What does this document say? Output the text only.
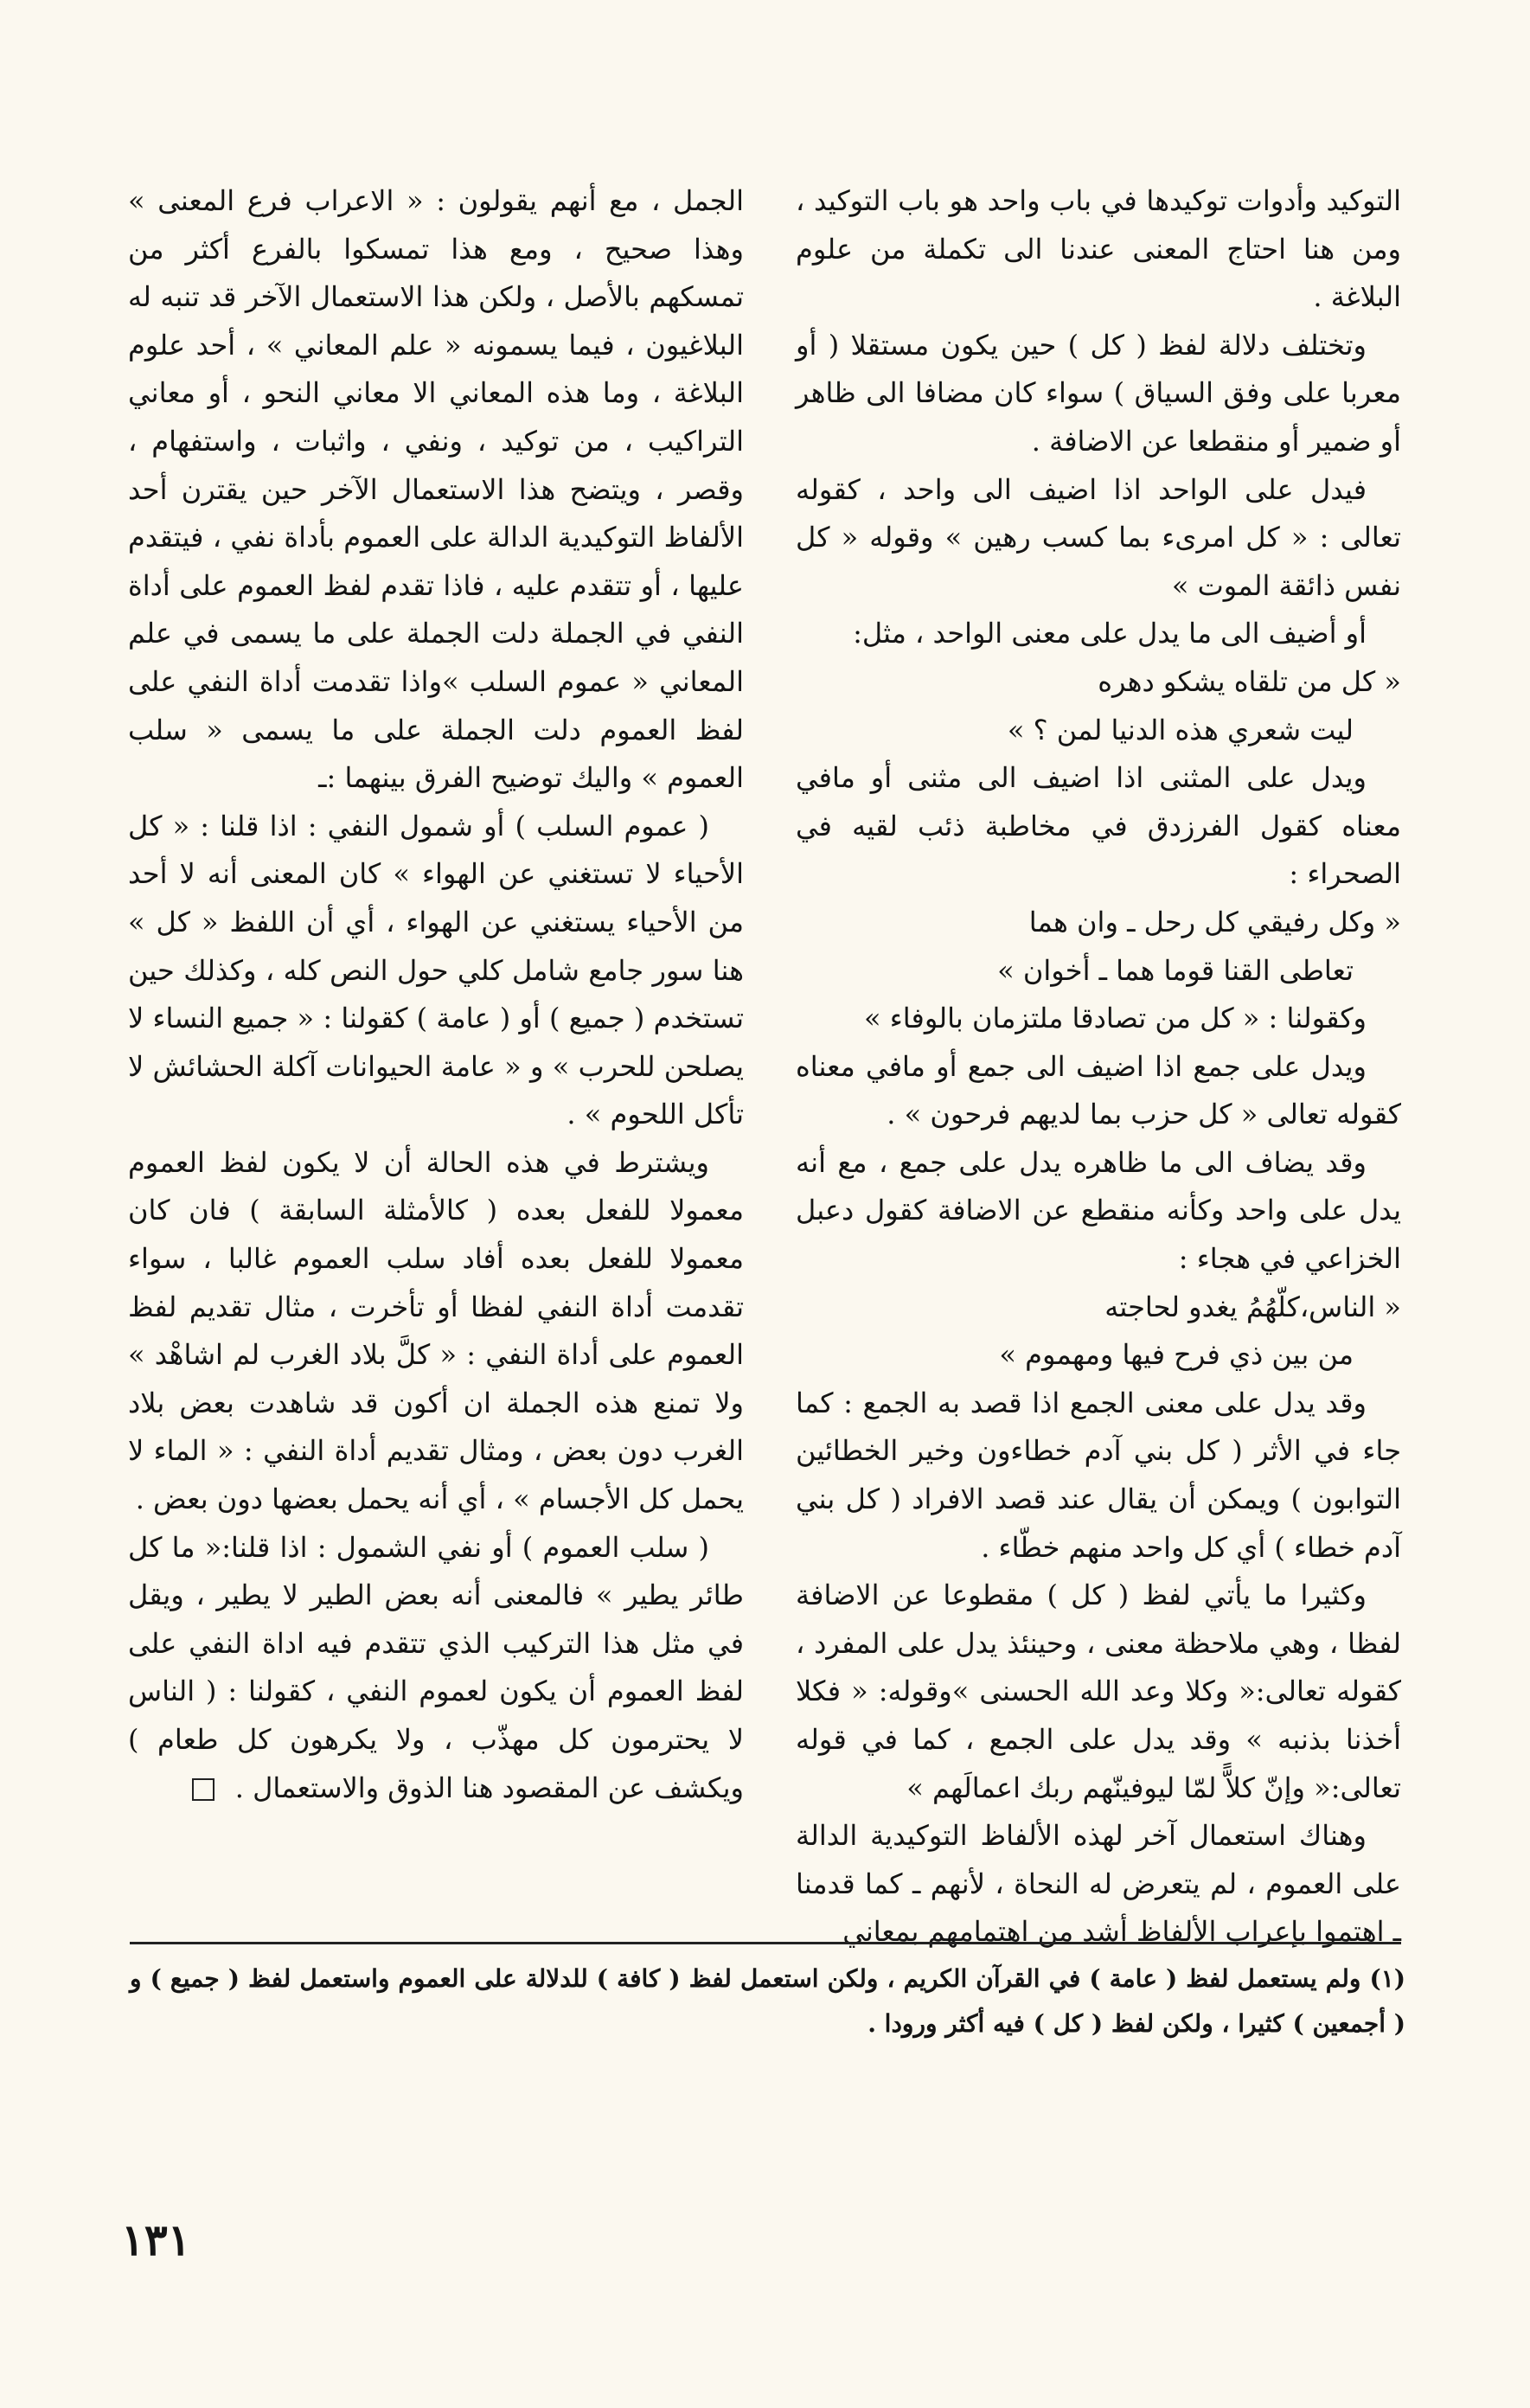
التوكيد وأدوات توكيدها في باب واحد هو باب التوكيد ، ومن هنا احتاج المعنى عندنا الى تكملة من علوم البلاغة .

وتختلف دلالة لفظ ( كل ) حين يكون مستقلا ( أو معربا على وفق السياق ) سواء كان مضافا الى ظاهر أو ضمير أو منقطعا عن الاضافة .

فيدل على الواحد اذا اضيف الى واحد ، كقوله تعالى : « كل امرىء بما كسب رهين » وقوله « كل نفس ذائقة الموت »

أو أضيف الى ما يدل على معنى الواحد ، مثل:

« كل من تلقاه يشكو دهره

ليت شعري هذه الدنيا لمن ؟ »

ويدل على المثنى اذا اضيف الى مثنى أو مافي معناه كقول الفرزدق في مخاطبة ذئب لقيه في الصحراء :

« وكل رفيقي كل رحل ـ وان هما

تعاطى القنا قوما هما ـ أخوان »

وكقولنا : « كل من تصادقا ملتزمان بالوفاء »

ويدل على جمع اذا اضيف الى جمع أو مافي معناه كقوله تعالى « كل حزب بما لديهم فرحون » .

وقد يضاف الى ما ظاهره يدل على جمع ، مع أنه يدل على واحد وكأنه منقطع عن الاضافة كقول دعبل الخزاعي في هجاء :

« الناس،كلّهُمُ يغدو لحاجته

من بين ذي فرح فيها ومهموم »

وقد يدل على معنى الجمع اذا قصد به الجمع : كما جاء في الأثر ( كل بني آدم خطاءون وخير الخطائين التوابون ) ويمكن أن يقال عند قصد الافراد ( كل بني آدم خطاء ) أي كل واحد منهم خطّاء .

وكثيرا ما يأتي لفظ ( كل ) مقطوعا عن الاضافة لفظا ، وهي ملاحظة معنى ، وحينئذ يدل على المفرد ، كقوله تعالى:« وكلا وعد الله الحسنى »وقوله: « فكلا أخذنا بذنبه » وقد يدل على الجمع ، كما في قوله تعالى:« وإنّ كلاًّ لمّا ليوفينّهم ربك اعمالَهم »

وهناك استعمال آخر لهذه الألفاظ التوكيدية الدالة على العموم ، لم يتعرض له النحاة ، لأنهم ـ كما قدمنا ـ اهتموا بإعراب الألفاظ أشد من اهتمامهم بمعاني

الجمل ، مع أنهم يقولون : « الاعراب فرع المعنى » وهذا صحيح ، ومع هذا تمسكوا بالفرع أكثر من تمسكهم بالأصل ، ولكن هذا الاستعمال الآخر قد تنبه له البلاغيون ، فيما يسمونه « علم المعاني » ، أحد علوم البلاغة ، وما هذه المعاني الا معاني النحو ، أو معاني التراكيب ، من توكيد ، ونفي ، واثبات ، واستفهام ، وقصر ، ويتضح هذا الاستعمال الآخر حين يقترن أحد الألفاظ التوكيدية الدالة على العموم بأداة نفي ، فيتقدم عليها ، أو تتقدم عليه ، فاذا تقدم لفظ العموم على أداة النفي في الجملة دلت الجملة على ما يسمى في علم المعاني « عموم السلب »واذا تقدمت أداة النفي على لفظ العموم دلت الجملة على ما يسمى « سلب العموم » واليك توضيح الفرق بينهما :ـ

( عموم السلب ) أو شمول النفي : اذا قلنا : « كل الأحياء لا تستغني عن الهواء » كان المعنى أنه لا أحد من الأحياء يستغني عن الهواء ، أي أن اللفظ « كل » هنا سور جامع شامل كلي حول النص كله ، وكذلك حين تستخدم ( جميع ) أو ( عامة ) كقولنا : « جميع النساء لا يصلحن للحرب » و « عامة الحيوانات آكلة الحشائش لا تأكل اللحوم » .

ويشترط في هذه الحالة أن لا يكون لفظ العموم معمولا للفعل بعده ( كالأمثلة السابقة ) فان كان معمولا للفعل بعده أفاد سلب العموم غالبا ، سواء تقدمت أداة النفي لفظا أو تأخرت ، مثال تقديم لفظ العموم على أداة النفي : « كلَّ بلاد الغرب لم اشاهْد » ولا تمنع هذه الجملة ان أكون قد شاهدت بعض بلاد الغرب دون بعض ، ومثال تقديم أداة النفي : « الماء لا يحمل كل الأجسام » ، أي أنه يحمل بعضها دون بعض .

( سلب العموم ) أو نفي الشمول : اذا قلنا:« ما كل طائر يطير » فالمعنى أنه بعض الطير لا يطير ، ويقل في مثل هذا التركيب الذي تتقدم فيه اداة النفي على لفظ العموم أن يكون لعموم النفي ، كقولنا : ( الناس لا يحترمون كل مهذّب ، ولا يكرهون كل طعام ) ويكشف عن المقصود هنا الذوق والاستعمال .

(١) ولم يستعمل لفظ ( عامة ) في القرآن الكريم ، ولكن استعمل لفظ ( كافة ) للدلالة على العموم واستعمل لفظ ( جميع ) و ( أجمعين ) كثيرا ، ولكن لفظ ( كل ) فيه أكثر ورودا .

١٣١
